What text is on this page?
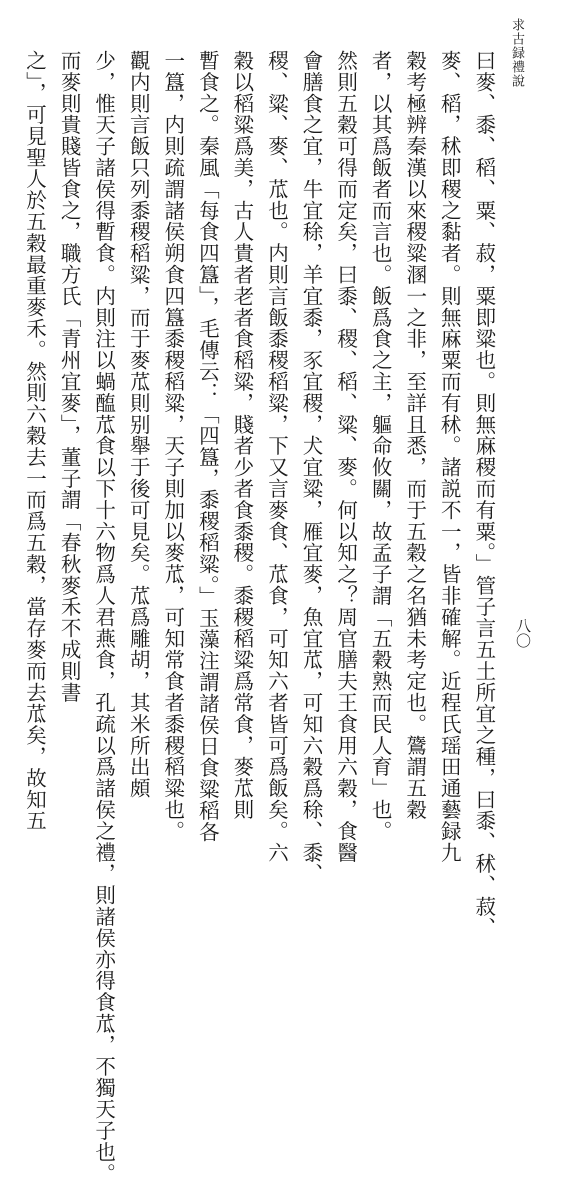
求古録禮說
八〇
曰麥、黍、稻、粟、菽，粟即粱也。則無麻稷而有粟。」管子言五土所宜之種，曰黍、秫、菽、
麥、稻，秫即稷之黏者。則無麻粟而有秫。諸説不一，皆非確解。近程氏瑶田通藝録九
穀考極辨秦漢以來稷粱溷一之非，至詳且悉，而于五穀之名猶未考定也。鷟謂五穀
者，以其爲飯者而言也。飯爲食之主，軀命攸關，故孟子謂「五穀熟而民人育」也。
然則五穀可得而定矣，曰黍、稷、稻、粱、麥。何以知之？周官膳夫王食用六穀，食醫
會膳食之宜，牛宜稌，羊宜黍，豕宜稷，犬宜粱，雁宜麥，魚宜苽，可知六穀爲稌、黍、
稷、粱、麥、苽也。内則言飯黍稷稻粱，下又言麥食、苽食，可知六者皆可爲飯矣。六
穀以稻粱爲美，古人貴者老者食稻粱，賤者少者食黍稷。黍稷稻粱爲常食，麥苽則
暫食之。秦風「每食四簋」，毛傳云：「四簋，黍稷稻粱。」玉藻注謂諸侯日食粱稻各
一簋，内則疏謂諸侯朔食四簋黍稷稻粱，天子則加以麥苽，可知常食者黍稷稻粱也。
觀内則言飯只列黍稷稻粱，而于麥苽則别舉于後可見矣。苽爲雕胡，其米所出頗
少，惟天子諸侯得暫食。内則注以蝸醢苽食以下十六物爲人君燕食，孔疏以爲諸侯之禮，則諸侯亦得食苽，不獨天子也。
而麥則貴賤皆食之，職方氏「青州宜麥」，董子謂「春秋麥禾不成則書
之」，可見聖人於五穀最重麥禾。然則六穀去一而爲五穀，當存麥而去苽矣，故知五
